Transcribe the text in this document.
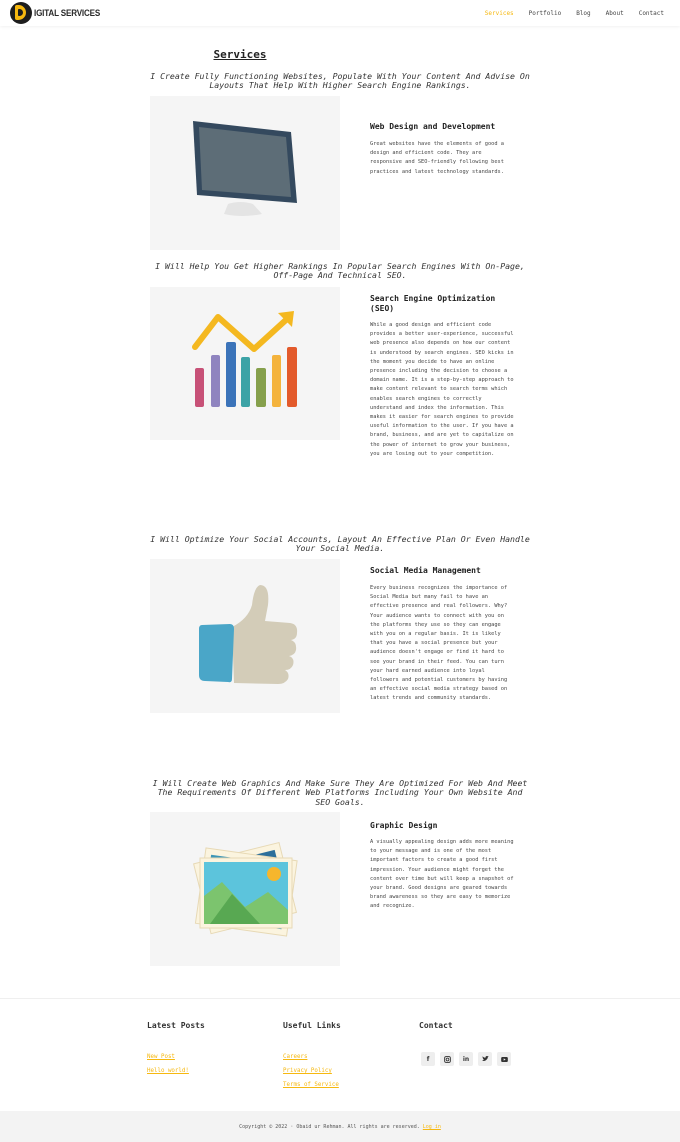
IGITAL SERVICES	Services	Portfolio	Blog	About	Contact
Services

I Create Fully Functioning Websites, Populate With Your Content And Advise On Layouts That Help With Higher Search Engine Rankings.

Web Design and Development

Great websites have the elements of good a design and efficient code. They are responsive and SEO-friendly following best practices and latest technology standards.

I Will Help You Get Higher Rankings In Popular Search Engines With On-Page, Off-Page And Technical SEO.

Search Engine Optimization (SEO)

While a good design and efficient code provides a better user-experience, successful web presence also depends on how our content is understood by search engines. SEO kicks in the moment you decide to have an online presence including the decision to choose a domain name. It is a step-by-step approach to make content relevant to search terms which enables search engines to correctly understand and index the information. This makes it easier for search engines to provide useful information to the user. If you have a brand, business, and are yet to capitalize on the power of internet to grow your business, you are losing out to your competition.

I Will Optimize Your Social Accounts, Layout An Effective Plan Or Even Handle Your Social Media.

Social Media Management

Every business recognizes the importance of Social Media but many fail to have an effective presence and real followers. Why?
Your audience wants to connect with you on the platforms they use so they can engage with you on a regular basis. It is likely that you have a social presence but your audience doesn't engage or find it hard to see your brand in their feed. You can turn your hard earned audience into loyal followers and potential customers by having an effective social media strategy based on latest trends and community standards.

I Will Create Web Graphics And Make Sure They Are Optimized For Web And Meet The Requirements Of Different Web Platforms Including Your Own Website And SEO Goals.

Graphic Design

A visually appealing design adds more meaning to your message and is one of the most important factors to create a good first impression. Your audience might forget the content over time but will keep a snapshot of your brand. Good designs are geared towards brand awareness so they are easy to memorize and recognize.

Latest Posts
New Post
Hello world!
Useful Links
Careers
Privacy Policy
Terms of Service
Contact
f	in

Copyright © 2022 · Obaid ur Rehman. All rights are reserved. Log in
